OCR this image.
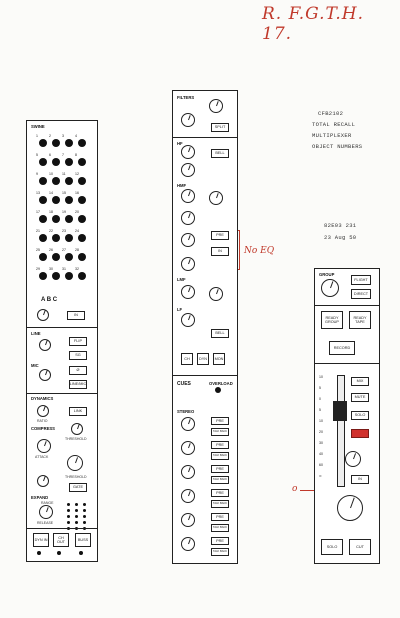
R. F.G.T.H. 17.
CFB2102
TOTAL RECALL
MULTIPLEXER
OBJECT NUMBERS
82E03 231
23 Aug 50
No EQ
o
SWINE
1	2	3	4
5	6	7	8
9	10	11	12
13	14	15	16
17	18	19	20
21	22	23	24
25	26	27	28
29	30	31	32
A B C
IN
LINE
FLIP
SG
MIC
Ø
LINE/MIC
DYNAMICS
RATIO
LINK
COMPRESS
THRESHOLD
ATTACK
THRESHOLD
GATE
EXPAND
RANGE
RELEASE
DYN IN
CH OUT
BUSS
FILTERS
SPLIT
HF
BELL
HMF
PRE
IN
LMF
LF
BELL
CH	DYN	MON
CUES	OVERLOAD
STEREO
PRE
TALK BACK
PRE
TALK BACK
PRE
TALK BACK
PRE
TALK BACK
PRE
TALK BACK
PRE
TALK BACK
GROUP
FLIGHT
DIRECT
READY GROUP
READY TAPE
RECORD
10
5
0
5
10
20
30
40
60
∞
MIX
MUTE
SOLO
IN
SOLO	CUT
